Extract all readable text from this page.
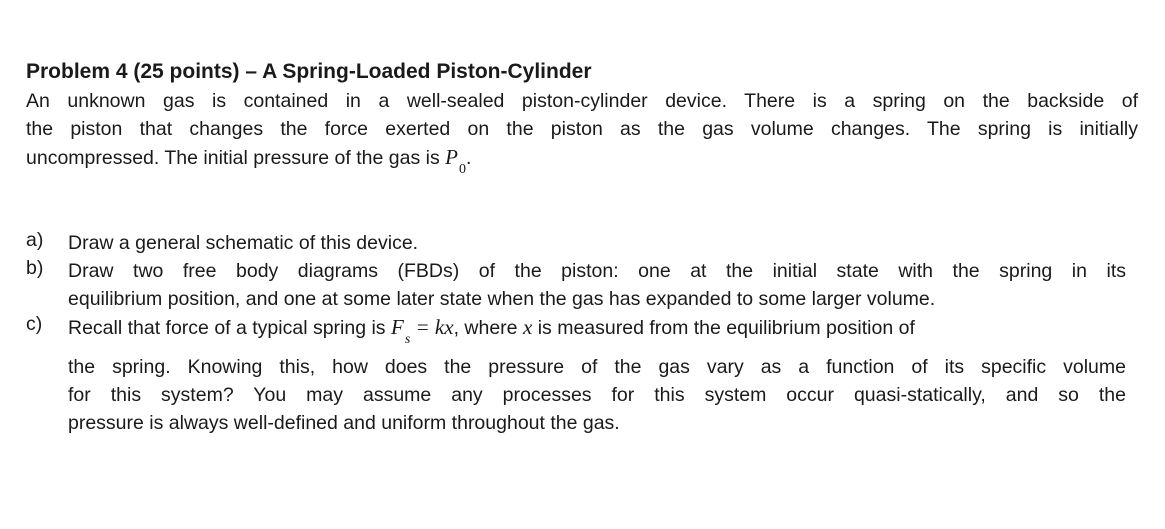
Problem 4 (25 points) – A Spring-Loaded Piston-Cylinder
An unknown gas is contained in a well-sealed piston-cylinder device. There is a spring on the backside of
the piston that changes the force exerted on the piston as the gas volume changes. The spring is initially
uncompressed. The initial pressure of the gas is $P_0$.
a)	Draw a general schematic of this device.
b)	Draw two free body diagrams (FBDs) of the piston: one at the initial state with the spring in its
equilibrium position, and one at some later state when the gas has expanded to some larger volume.
c)	Recall that force of a typical spring is $F_s$ = kx, where x is measured from the equilibrium position of
the spring. Knowing this, how does the pressure of the gas vary as a function of its specific volume
for this system? You may assume any processes for this system occur quasi-statically, and so the
pressure is always well-defined and uniform throughout the gas.
